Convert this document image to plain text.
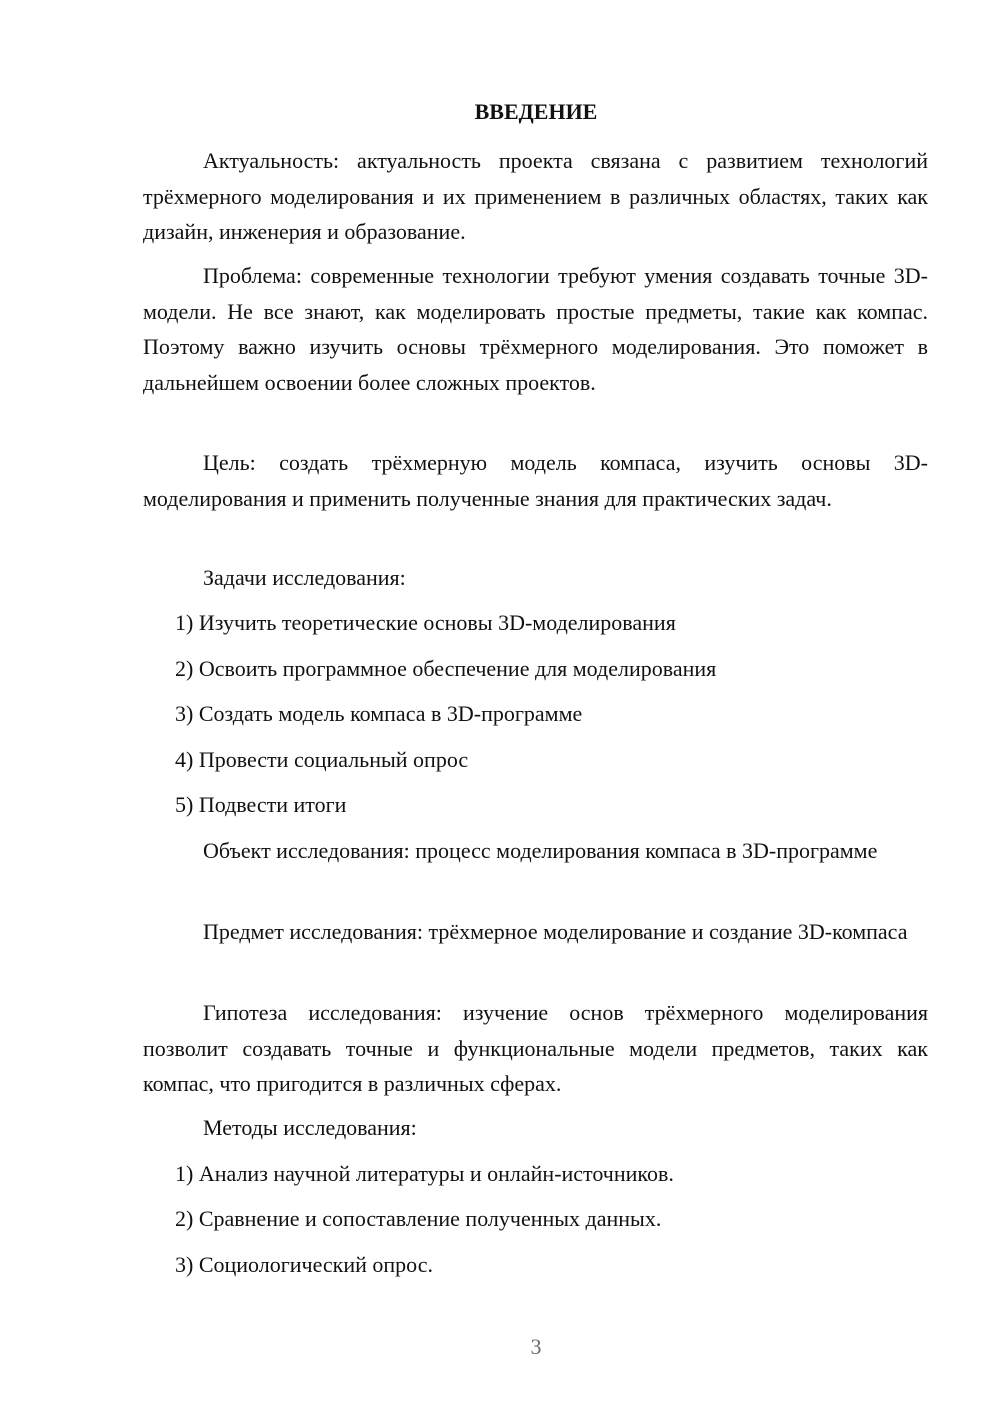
ВВЕДЕНИЕ

Актуальность: актуальность проекта связана с развитием технологий трёхмерного моделирования и их применением в различных областях, таких как дизайн, инженерия и образование.

Проблема: современные технологии требуют умения создавать точные 3D-модели. Не все знают, как моделировать простые предметы, такие как компас. Поэтому важно изучить основы трёхмерного моделирования. Это поможет в дальнейшем освоении более сложных проектов.

Цель: создать трёхмерную модель компаса, изучить основы 3D-моделирования и применить полученные знания для практических задач.

Задачи исследования:

1) Изучить теоретические основы 3D-моделирования

2) Освоить программное обеспечение для моделирования

3) Создать модель компаса в 3D-программе

4) Провести социальный опрос

5) Подвести итоги

Объект исследования: процесс моделирования компаса в 3D-программе

Предмет исследования: трёхмерное моделирование и создание 3D-компаса

Гипотеза исследования: изучение основ трёхмерного моделирования позволит создавать точные и функциональные модели предметов, таких как компас, что пригодится в различных сферах.

Методы исследования:

1) Анализ научной литературы и онлайн-источников.

2) Сравнение и сопоставление полученных данных.

3) Социологический опрос.

3
